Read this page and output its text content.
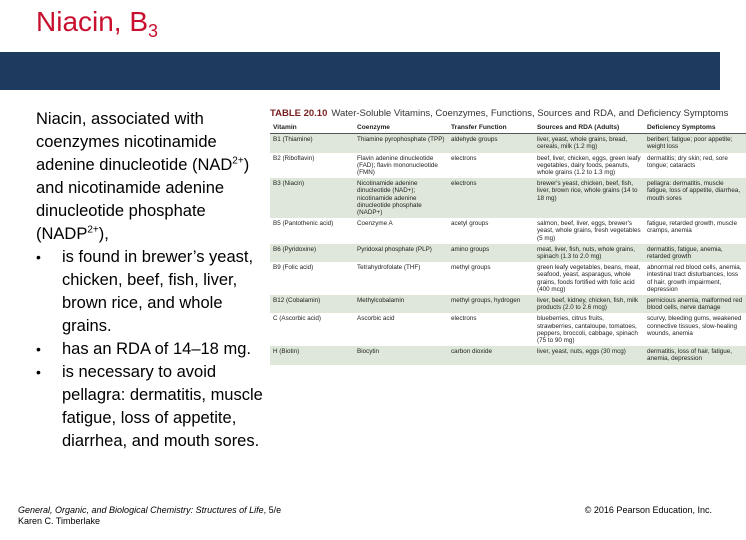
Niacin, $B_3$
Niacin, associated with coenzymes nicotinamide adenine dinucleotide $(NAD^{2+})$ and nicotinamide adenine dinucleotide phosphate $(NADP^{2+})$,
• is found in brewer’s yeast, chicken, beef, fish, liver, brown rice, and whole grains.
• has an RDA of 14–18 mg.
• is necessary to avoid pellagra: dermatitis, muscle fatigue, loss of appetite, diarrhea, and mouth sores.
TABLE 20.10 Water-Soluble Vitamins, Coenzymes, Functions, Sources and RDA, and Deficiency Symptoms
Vitamin	Coenzyme	Transfer Function	Sources and RDA (Adults)	Deficiency Symptoms
B1 (Thiamine)	Thiamine pyrophosphate (TPP)	aldehyde groups	liver, yeast, whole grains, bread, cereals, milk (1.2 mg)	beriberi; fatigue; poor appetite; weight loss
B2 (Riboflavin)	Flavin adenine dinucleotide (FAD); flavin mononucleotide (FMN)	electrons	beef, liver, chicken, eggs, green leafy vegetables, dairy foods, peanuts, whole grains (1.2 to 1.3 mg)	dermatitis; dry skin; red, sore tongue; cataracts
B3 (Niacin)	Nicotinamide adenine dinucleotide (NAD+); nicotinamide adenine dinucleotide phosphate (NADP+)	electrons	brewer's yeast, chicken, beef, fish, liver, brown rice, whole grains (14 to 18 mg)	pellagra: dermatitis, muscle fatigue, loss of appetite, diarrhea, mouth sores
B5 (Pantothenic acid)	Coenzyme A	acetyl groups	salmon, beef, liver, eggs, brewer's yeast, whole grains, fresh vegetables (5 mg)	fatigue, retarded growth, muscle cramps, anemia
B6 (Pyridoxine)	Pyridoxal phosphate (PLP)	amino groups	meat, liver, fish, nuts, whole grains, spinach (1.3 to 2.0 mg)	dermatitis, fatigue, anemia, retarded growth
B9 (Folic acid)	Tetrahydrofolate (THF)	methyl groups	green leafy vegetables, beans, meat, seafood, yeast, asparagus, whole grains, foods fortified with folic acid (400 mcg)	abnormal red blood cells, anemia, intestinal tract disturbances, loss of hair, growth impairment, depression
B12 (Cobalamin)	Methylcobalamin	methyl groups, hydrogen	liver, beef, kidney, chicken, fish, milk products (2.0 to 2.6 mcg)	pernicious anemia, malformed red blood cells, nerve damage
C (Ascorbic acid)	Ascorbic acid	electrons	blueberries, citrus fruits, strawberries, cantaloupe, tomatoes, peppers, broccoli, cabbage, spinach (75 to 90 mg)	scurvy, bleeding gums, weakened connective tissues, slow-healing wounds, anemia
H (Biotin)	Biocytin	carbon dioxide	liver, yeast, nuts, eggs (30 mcg)	dermatitis, loss of hair, fatigue, anemia, depression
General, Organic, and Biological Chemistry: Structures of Life, 5/e
Karen C. Timberlake
© 2016 Pearson Education, Inc.
